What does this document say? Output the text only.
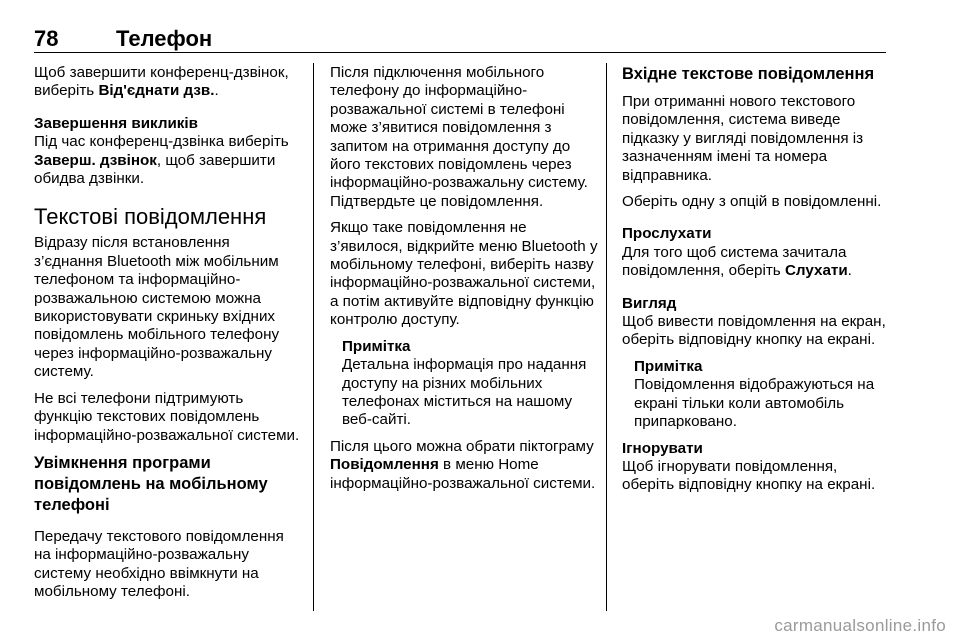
78	Телефон

Щоб завершити конференц-дзвінок, виберіть Від'єднати дзв..

Завершення викликів

Під час конференц-дзвінка виберіть Заверш. дзвінок, щоб завершити обидва дзвінки.

Текстові повідомлення

Відразу після встановлення з’єднання Bluetooth між мобільним телефоном та інформаційно-розважальною системою можна використовувати скриньку вхідних повідомлень мобільного телефону через інформаційно-розважальну систему.

Не всі телефони підтримують функцію текстових повідомлень інформаційно-розважальної системи.

Увімкнення програми повідомлень на мобільному телефоні

Передачу текстового повідомлення на інформаційно-розважальну систему необхідно ввімкнути на мобільному телефоні.

Після підключення мобільного телефону до інформаційно-розважальної системі в телефоні може з’явитися повідомлення з запитом на отримання доступу до його текстових повідомлень через інформаційно-розважальну систему. Підтвердьте це повідомлення.

Якщо таке повідомлення не з’явилося, відкрийте меню Bluetooth у мобільному телефоні, виберіть назву інформаційно-розважальної системи, а потім активуйте відповідну функцію контролю доступу.

Примітка
Детальна інформація про надання доступу на різних мобільних телефонах міститься на нашому веб-сайті.

Після цього можна обрати піктограму Повідомлення в меню Home інформаційно-розважальної системи.

Вхідне текстове повідомлення

При отриманні нового текстового повідомлення, система виведе підказку у вигляді повідомлення із зазначенням імені та номера відправника.

Оберіть одну з опцій в повідомленні.

Прослухати

Для того щоб система зачитала повідомлення, оберіть Слухати.

Вигляд

Щоб вивести повідомлення на екран, оберіть відповідну кнопку на екрані.

Примітка
Повідомлення відображуються на екрані тільки коли автомобіль припарковано.
Ігнорувати

Щоб ігнорувати повідомлення, оберіть відповідну кнопку на екрані.

carmanualsonline.info
